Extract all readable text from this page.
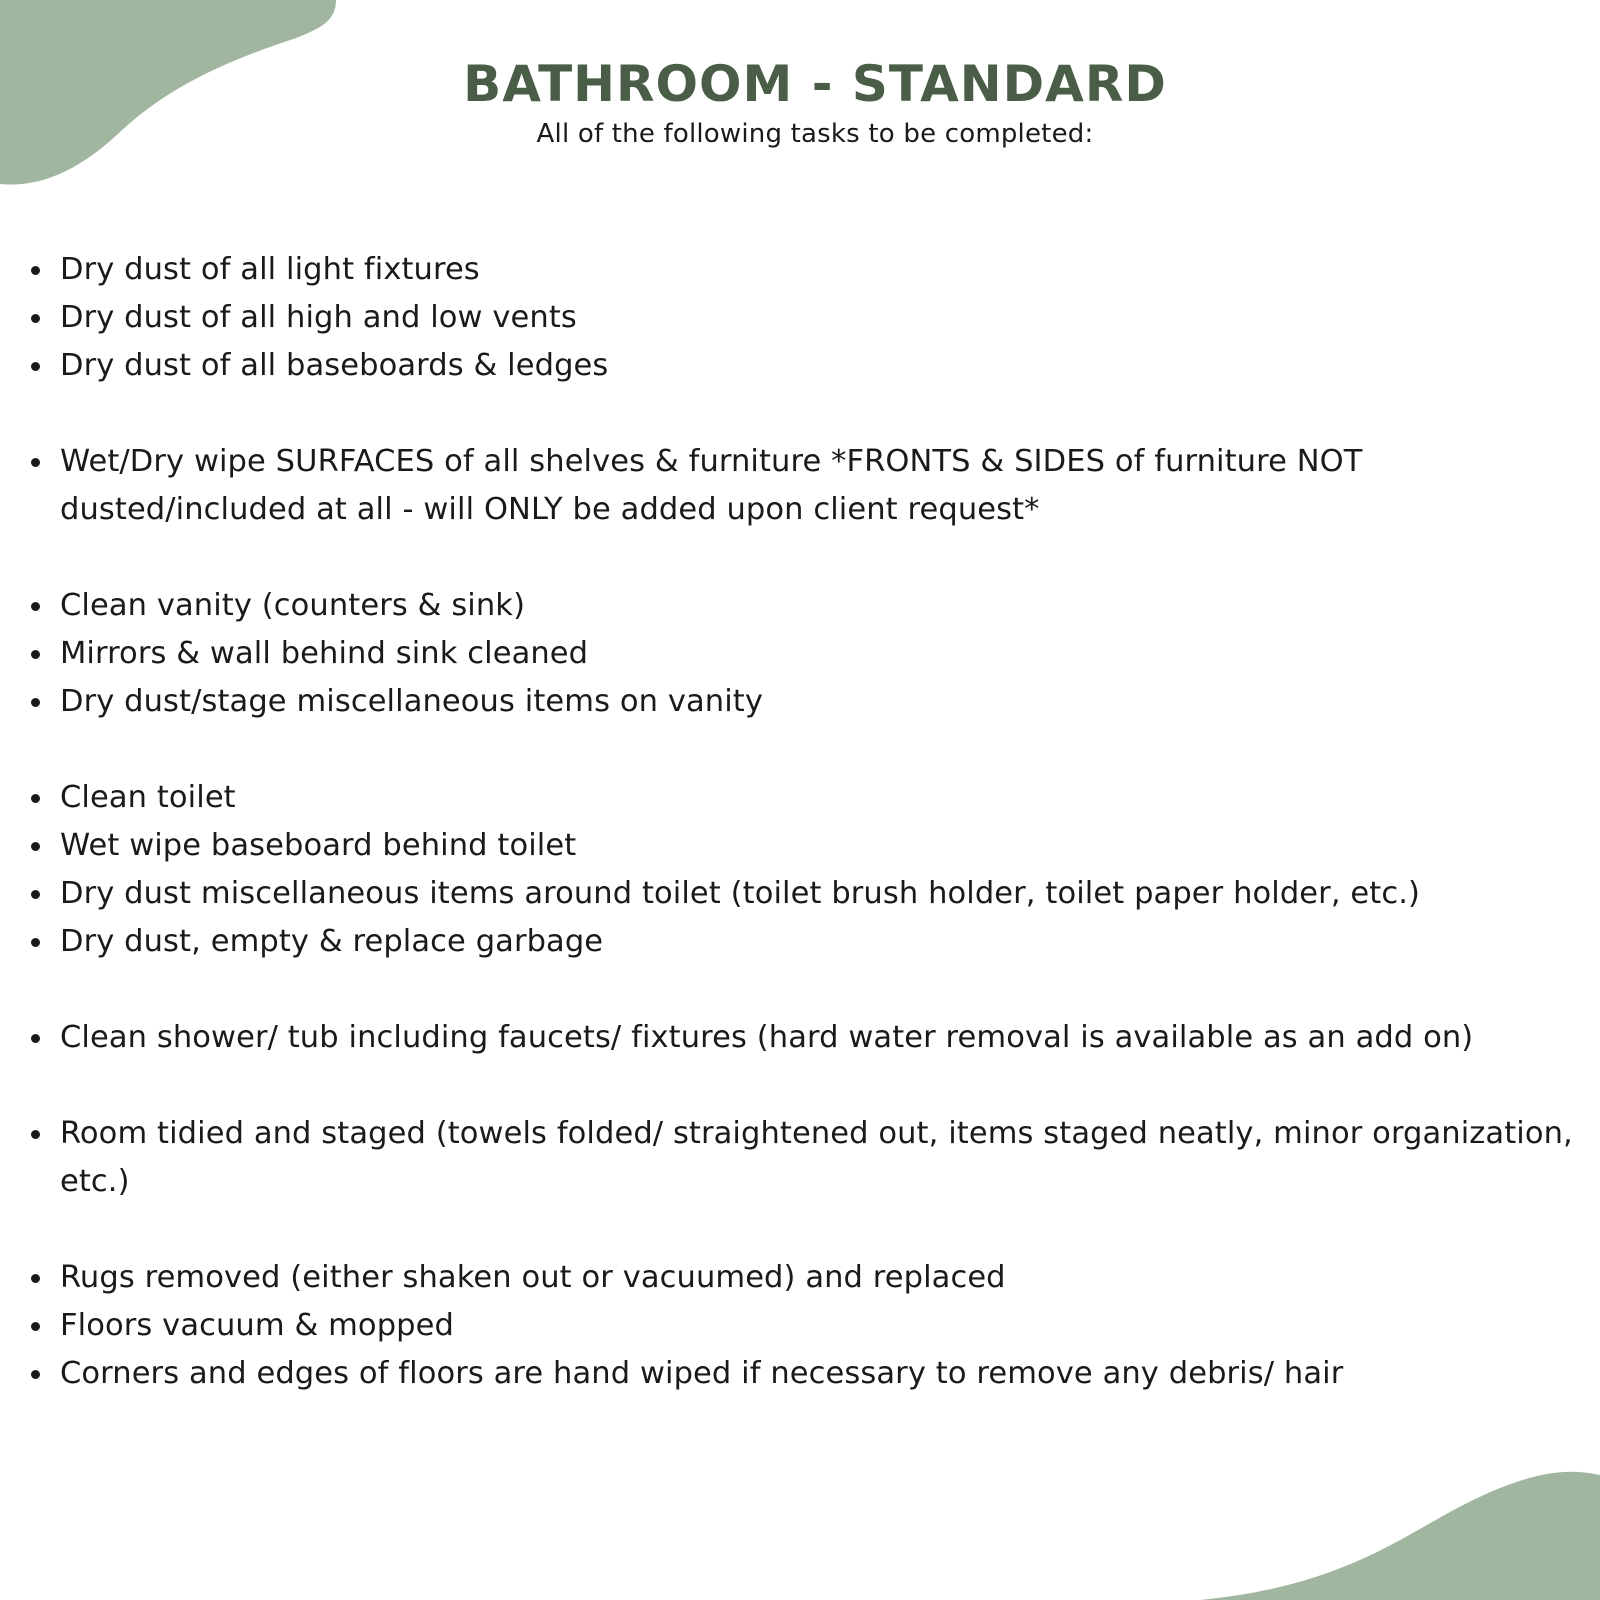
BATHROOM - STANDARD

All of the following tasks to be completed:

Dry dust of all light fixtures
Dry dust of all high and low vents
Dry dust of all baseboards & ledges
Wet/Dry wipe SURFACES of all shelves & furniture *FRONTS & SIDES of furniture NOT dusted/included at all - will ONLY be added upon client request*
Clean vanity (counters & sink)
Mirrors & wall behind sink cleaned
Dry dust/stage miscellaneous items on vanity
Clean toilet
Wet wipe baseboard behind toilet
Dry dust miscellaneous items around toilet (toilet brush holder, toilet paper holder, etc.)
Dry dust, empty & replace garbage
Clean shower/ tub including faucets/ fixtures (hard water removal is available as an add on)
Room tidied and staged (towels folded/ straightened out, items staged neatly, minor organization, etc.)
Rugs removed (either shaken out or vacuumed) and replaced
Floors vacuum & mopped
Corners and edges of floors are hand wiped if necessary to remove any debris/ hair
